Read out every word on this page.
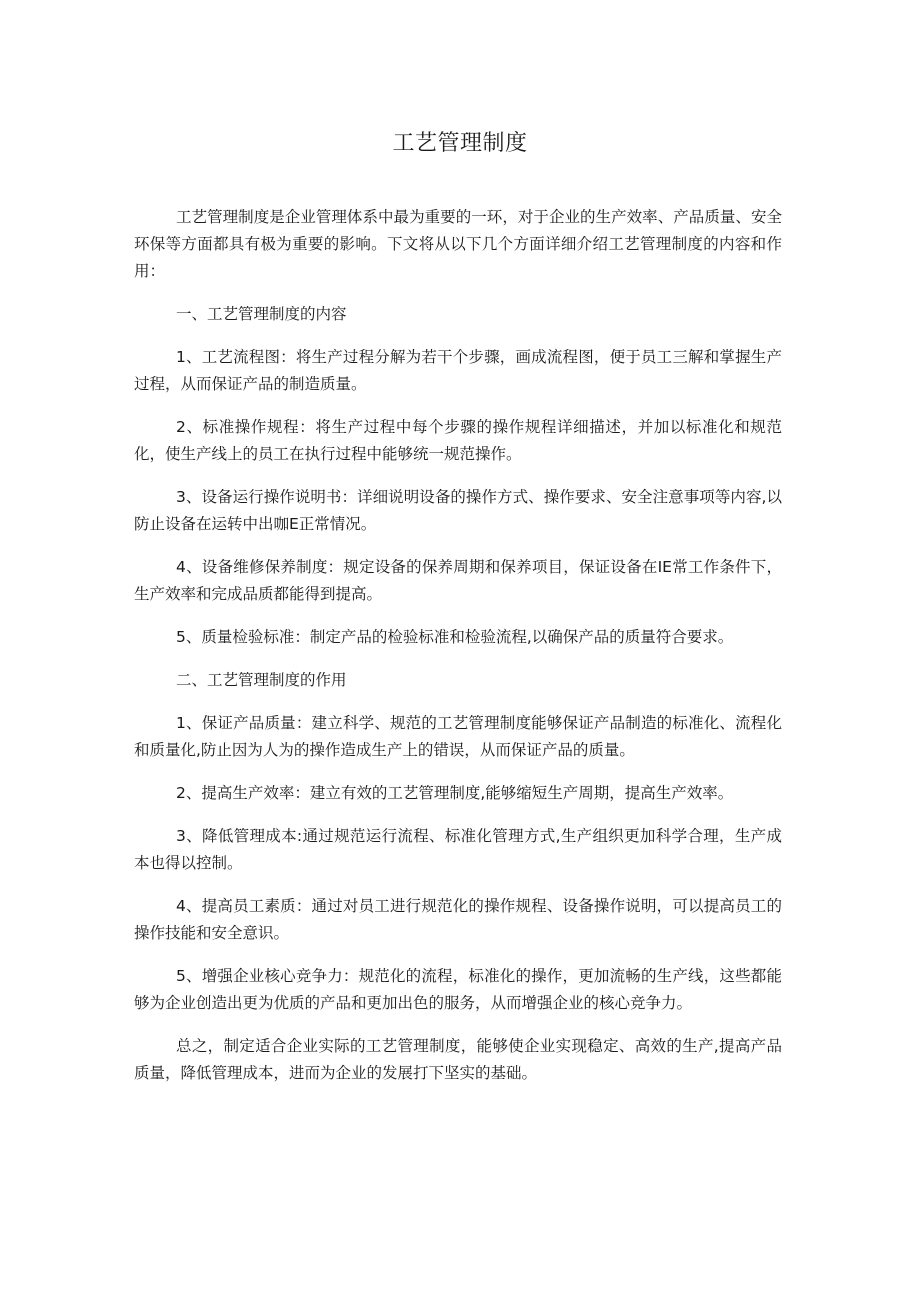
工艺管理制度

工艺管理制度是企业管理体系中最为重要的一环，对于企业的生产效率、产品质量、安全环保等方面都具有极为重要的影响。下文将从以下几个方面详细介绍工艺管理制度的内容和作用：

一、工艺管理制度的内容

1、工艺流程图：将生产过程分解为若干个步骤，画成流程图，便于员工三解和掌握生产过程，从而保证产品的制造质量。

2、标准操作规程：将生产过程中每个步骤的操作规程详细描述，并加以标准化和规范化，使生产线上的员工在执行过程中能够统一规范操作。

3、设备运行操作说明书：详细说明设备的操作方式、操作要求、安全注意事项等内容,以防止设备在运转中出咖E正常情况。

4、设备维修保养制度：规定设备的保养周期和保养项目，保证设备在IE常工作条件下，生产效率和完成品质都能得到提高。

5、质量检验标准：制定产品的检验标准和检验流程,以确保产品的质量符合要求。

二、工艺管理制度的作用

1、保证产品质量：建立科学、规范的工艺管理制度能够保证产品制造的标准化、流程化和质量化,防止因为人为的操作造成生产上的错误，从而保证产品的质量。

2、提高生产效率：建立有效的工艺管理制度,能够缩短生产周期，提高生产效率。

3、降低管理成本:通过规范运行流程、标准化管理方式,生产组织更加科学合理，生产成本也得以控制。

4、提高员工素质：通过对员工进行规范化的操作规程、设备操作说明，可以提高员工的操作技能和安全意识。

5、增强企业核心竞争力：规范化的流程，标准化的操作，更加流畅的生产线，这些都能够为企业创造出更为优质的产品和更加出色的服务，从而增强企业的核心竞争力。

总之，制定适合企业实际的工艺管理制度，能够使企业实现稳定、高效的生产,提高产品质量，降低管理成本，进而为企业的发展打下坚实的基础。
